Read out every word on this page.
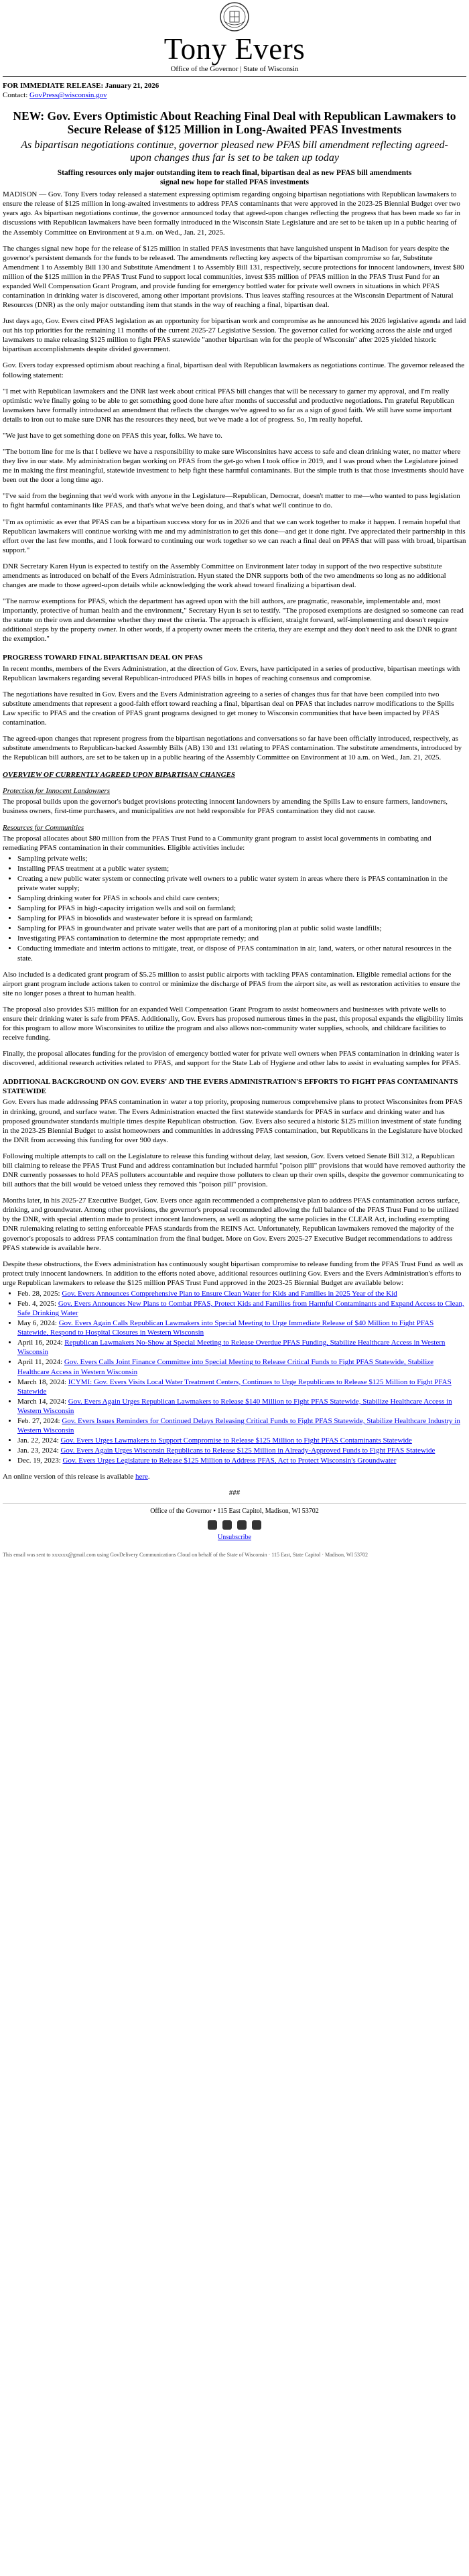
Tony Evers
Office of the Governor | State of Wisconsin
FOR IMMEDIATE RELEASE: January 21, 2026
Contact: GovPress@wisconsin.gov
NEW: Gov. Evers Optimistic About Reaching Final Deal with Republican Lawmakers to Secure Release of $125 Million in Long-Awaited PFAS Investments
As bipartisan negotiations continue, governor pleased new PFAS bill amendment reflecting agreed-upon changes thus far is set to be taken up today
Staffing resources only major outstanding item to reach final, bipartisan deal as new PFAS bill amendments signal new hope for stalled PFAS investments

MADISON — Gov. Tony Evers today released a statement expressing optimism regarding ongoing bipartisan negotiations with Republican lawmakers to ensure the release of $125 million in long-awaited investments to address PFAS contaminants that were approved in the 2023-25 Biennial Budget over two years ago. As bipartisan negotiations continue, the governor announced today that agreed-upon changes reflecting the progress that has been made so far in discussions with Republican lawmakers have been formally introduced in the Wisconsin State Legislature and are set to be taken up in a public hearing of the Assembly Committee on Environment at 9 a.m. on Wed., Jan. 21, 2025.

The changes signal new hope for the release of $125 million in stalled PFAS investments that have languished unspent in Madison for years despite the governor's persistent demands for the funds to be released. The amendments reflecting key aspects of the bipartisan compromise so far, Substitute Amendment 1 to Assembly Bill 130 and Substitute Amendment 1 to Assembly Bill 131, respectively, secure protections for innocent landowners, invest $80 million of the $125 million in the PFAS Trust Fund to support local communities, invest $35 million of PFAS million in the PFAS Trust Fund for an expanded Well Compensation Grant Program, and provide funding for emergency bottled water for private well owners in situations in which PFAS contamination in drinking water is discovered, among other important provisions. Thus leaves staffing resources at the Wisconsin Department of Natural Resources (DNR) as the only major outstanding item that stands in the way of reaching a final, bipartisan deal.

Just days ago, Gov. Evers cited PFAS legislation as an opportunity for bipartisan work and compromise as he announced his 2026 legislative agenda and laid out his top priorities for the remaining 11 months of the current 2025-27 Legislative Session. The governor called for working across the aisle and urged lawmakers to make releasing $125 million to fight PFAS statewide "another bipartisan win for the people of Wisconsin" after 2025 yielded historic bipartisan accomplishments despite divided government.

Gov. Evers today expressed optimism about reaching a final, bipartisan deal with Republican lawmakers as negotiations continue. The governor released the following statement:

"I met with Republican lawmakers and the DNR last week about critical PFAS bill changes that will be necessary to garner my approval, and I'm really optimistic we're finally going to be able to get something good done here after months of successful and productive negotiations. I'm grateful Republican lawmakers have formally introduced an amendment that reflects the changes we've agreed to so far as a sign of good faith. We still have some important details to iron out to make sure DNR has the resources they need, but we've made a lot of progress. So, I'm really hopeful.

"We just have to get something done on PFAS this year, folks. We have to.

"The bottom line for me is that I believe we have a responsibility to make sure Wisconsinites have access to safe and clean drinking water, no matter where they live in our state. My administration began working on PFAS from the get-go when I took office in 2019, and I was proud when the Legislature joined me in making the first meaningful, statewide investment to help fight these harmful contaminants. But the simple truth is that those investments should have been out the door a long time ago.

"I've said from the beginning that we'd work with anyone in the Legislature—Republican, Democrat, doesn't matter to me—who wanted to pass legislation to fight harmful contaminants like PFAS, and that's what we've been doing, and that's what we'll continue to do.

"I'm as optimistic as ever that PFAS can be a bipartisan success story for us in 2026 and that we can work together to make it happen. I remain hopeful that Republican lawmakers will continue working with me and my administration to get this done—and get it done right. I've appreciated their partnership in this effort over the last few months, and I look forward to continuing our work together so we can reach a final deal on PFAS that will pass with broad, bipartisan support."

DNR Secretary Karen Hyun is expected to testify on the Assembly Committee on Environment later today in support of the two respective substitute amendments as introduced on behalf of the Evers Administration. Hyun stated the DNR supports both of the two amendments so long as no additional changes are made to those agreed-upon details while acknowledging the work ahead toward finalizing a bipartisan deal.

"The narrow exemptions for PFAS, which the department has agreed upon with the bill authors, are pragmatic, reasonable, implementable and, most importantly, protective of human health and the environment," Secretary Hyun is set to testify. "The proposed exemptions are designed so someone can read the statute on their own and determine whether they meet the criteria. The approach is efficient, straight forward, self-implementing and doesn't require additional steps by the property owner. In other words, if a property owner meets the criteria, they are exempt and they don't need to ask the DNR to grant the exemption."

PROGRESS TOWARD FINAL BIPARTISAN DEAL ON PFAS

In recent months, members of the Evers Administration, at the direction of Gov. Evers, have participated in a series of productive, bipartisan meetings with Republican lawmakers regarding several Republican-introduced PFAS bills in hopes of reaching consensus and compromise.

The negotiations have resulted in Gov. Evers and the Evers Administration agreeing to a series of changes thus far that have been compiled into two substitute amendments that represent a good-faith effort toward reaching a final, bipartisan deal on PFAS that includes narrow modifications to the Spills Law specific to PFAS and the creation of PFAS grant programs designed to get money to Wisconsin communities that have been impacted by PFAS contamination.

The agreed-upon changes that represent progress from the bipartisan negotiations and conversations so far have been officially introduced, respectively, as substitute amendments to Republican-backed Assembly Bills (AB) 130 and 131 relating to PFAS contamination. The substitute amendments, introduced by the Republican bill authors, are set to be taken up in a public hearing of the Assembly Committee on Environment at 10 a.m. on Wed., Jan. 21, 2025.

OVERVIEW OF CURRENTLY AGREED UPON BIPARTISAN CHANGES
Protection for Innocent Landowners

The proposal builds upon the governor's budget provisions protecting innocent landowners by amending the Spills Law to ensure farmers, landowners, business owners, first-time purchasers, and municipalities are not held responsible for PFAS contamination they did not cause.

Resources for Communities

The proposal allocates about $80 million from the PFAS Trust Fund to a Community grant program to assist local governments in combating and remediating PFAS contamination in their communities. Eligible activities include:

• Sampling private wells;
• Installing PFAS treatment at a public water system;
• Creating a new public water system or connecting private well owners to a public water system in areas where there is PFAS contamination in the private water supply;
• Sampling drinking water for PFAS in schools and child care centers;
• Sampling for PFAS in high-capacity irrigation wells and soil on farmland;
• Sampling for PFAS in biosolids and wastewater before it is spread on farmland;
• Sampling for PFAS in groundwater and private water wells that are part of a monitoring plan at public solid waste landfills;
• Investigating PFAS contamination to determine the most appropriate remedy; and
• Conducting immediate and interim actions to mitigate, treat, or dispose of PFAS contamination in air, land, waters, or other natural resources in the state.

Also included is a dedicated grant program of $5.25 million to assist public airports with tackling PFAS contamination. Eligible remedial actions for the airport grant program include actions taken to control or minimize the discharge of PFAS from the airport site, as well as restoration activities to ensure the site no longer poses a threat to human health.

The proposal also provides $35 million for an expanded Well Compensation Grant Program to assist homeowners and businesses with private wells to ensure their drinking water is safe from PFAS. Additionally, Gov. Evers has proposed numerous times in the past, this proposal expands the eligibility limits for this program to allow more Wisconsinites to utilize the program and also allows non-community water supplies, schools, and childcare facilities to receive funding.

Finally, the proposal allocates funding for the provision of emergency bottled water for private well owners when PFAS contamination in drinking water is discovered, additional research activities related to PFAS, and support for the State Lab of Hygiene and other labs to assist in evaluating samples for PFAS.

ADDITIONAL BACKGROUND ON GOV. EVERS' AND THE EVERS ADMINISTRATION'S EFFORTS TO FIGHT PFAS CONTAMINANTS STATEWIDE

Gov. Evers has made addressing PFAS contamination in water a top priority, proposing numerous comprehensive plans to protect Wisconsinites from PFAS in drinking, ground, and surface water. The Evers Administration enacted the first statewide standards for PFAS in surface and drinking water and has proposed groundwater standards multiple times despite Republican obstruction. Gov. Evers also secured a historic $125 million investment of state funding in the 2023-25 Biennial Budget to assist homeowners and communities in addressing PFAS contamination, but Republicans in the Legislature have blocked the DNR from accessing this funding for over 900 days.

Following multiple attempts to call on the Legislature to release this funding without delay, last session, Gov. Evers vetoed Senate Bill 312, a Republican bill claiming to release the PFAS Trust Fund and address contamination but included harmful "poison pill" provisions that would have removed authority the DNR currently possesses to hold PFAS polluters accountable and require those polluters to clean up their own spills, despite the governor communicating to bill authors that the bill would be vetoed unless they removed this "poison pill" provision.

Months later, in his 2025-27 Executive Budget, Gov. Evers once again recommended a comprehensive plan to address PFAS contamination across surface, drinking, and groundwater. Among other provisions, the governor's proposal recommended allowing the full balance of the PFAS Trust Fund to be utilized by the DNR, with special attention made to protect innocent landowners, as well as adopting the same policies in the CLEAR Act, including exempting DNR rulemaking relating to setting enforceable PFAS standards from the REINS Act. Unfortunately, Republican lawmakers removed the majority of the governor's proposals to address PFAS contamination from the final budget. More on Gov. Evers 2025-27 Executive Budget recommendations to address PFAS statewide is available here.

Despite these obstructions, the Evers administration has continuously sought bipartisan compromise to release funding from the PFAS Trust Fund as well as protect truly innocent landowners. In addition to the efforts noted above, additional resources outlining Gov. Evers and the Evers Administration's efforts to urge Republican lawmakers to release the $125 million PFAS Trust Fund approved in the 2023-25 Biennial Budget are available below:

• Feb. 28, 2025: Gov. Evers Announces Comprehensive Plan to Ensure Clean Water for Kids and Families in 2025 Year of the Kid
• Feb. 4, 2025: Gov. Evers Announces New Plans to Combat PFAS, Protect Kids and Families from Harmful Contaminants and Expand Access to Clean, Safe Drinking Water
• May 6, 2024: Gov. Evers Again Calls Republican Lawmakers into Special Meeting to Urge Immediate Release of $40 Million to Fight PFAS Statewide, Respond to Hospital Closures in Western Wisconsin
• April 16, 2024: Republican Lawmakers No-Show at Special Meeting to Release Overdue PFAS Funding, Stabilize Healthcare Access in Western Wisconsin
• April 11, 2024: Gov. Evers Calls Joint Finance Committee into Special Meeting to Release Critical Funds to Fight PFAS Statewide, Stabilize Healthcare Access in Western Wisconsin
• March 18, 2024: ICYMI: Gov. Evers Visits Local Water Treatment Centers, Continues to Urge Republicans to Release $125 Million to Fight PFAS Statewide
• March 14, 2024: Gov. Evers Again Urges Republican Lawmakers to Release $140 Million to Fight PFAS Statewide, Stabilize Healthcare Access in Western Wisconsin
• Feb. 27, 2024: Gov. Evers Issues Reminders for Continued Delays Releasing Critical Funds to Fight PFAS Statewide, Stabilize Healthcare Industry in Western Wisconsin
• Jan. 22, 2024: Gov. Evers Urges Lawmakers to Support Compromise to Release $125 Million to Fight PFAS Contaminants Statewide
• Jan. 23, 2024: Gov. Evers Again Urges Wisconsin Republicans to Release $125 Million in Already-Approved Funds to Fight PFAS Statewide
• Dec. 19, 2023: Gov. Evers Urges Legislature to Release $125 Million to Address PFAS, Act to Protect Wisconsin's Groundwater

An online version of this release is available here.

###
Office of the Governor • 115 East Capitol, Madison, WI 53702
Unsubscribe
This email was sent to xxxxxx@gmail.com using GovDelivery Communications Cloud on behalf of the State of Wisconsin · 115 East, State Capitol · Madison, WI 53702
